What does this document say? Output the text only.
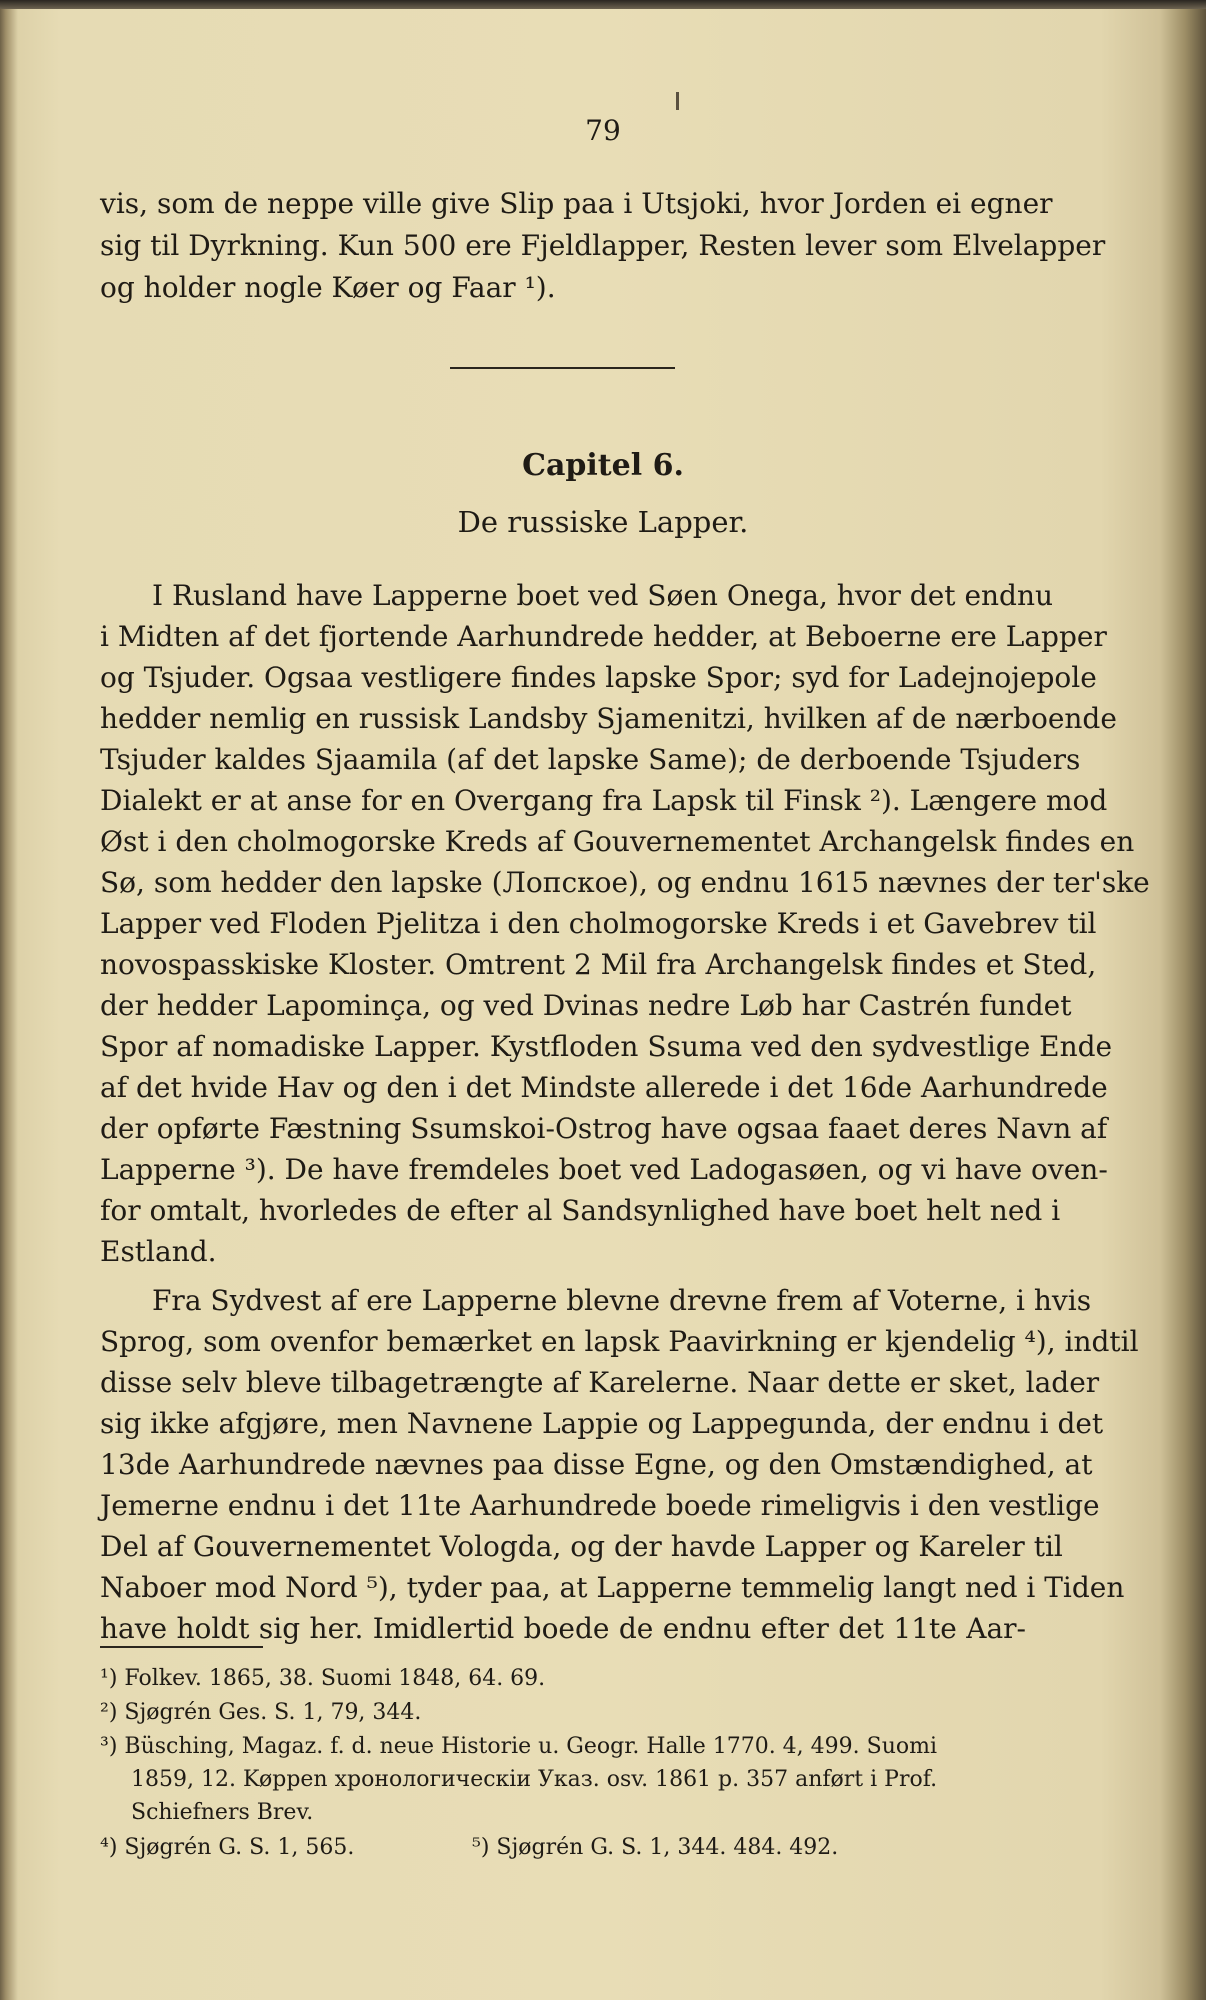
79
vis, som de neppe ville give Slip paa i Utsjoki, hvor Jorden ei egner
sig til Dyrkning. Kun 500 ere Fjeldlapper, Resten lever som Elvelapper
og holder nogle Køer og Faar ¹).
Capitel 6.
De russiske Lapper.
I Rusland have Lapperne boet ved Søen Onega, hvor det endnu
i Midten af det fjortende Aarhundrede hedder, at Beboerne ere Lapper
og Tsjuder. Ogsaa vestligere findes lapske Spor; syd for Ladejnojepole
hedder nemlig en russisk Landsby Sjamenitzi, hvilken af de nærboende
Tsjuder kaldes Sjaamila (af det lapske Same); de derboende Tsjuders
Dialekt er at anse for en Overgang fra Lapsk til Finsk ²). Længere mod
Øst i den cholmogorske Kreds af Gouvernementet Archangelsk findes en
Sø, som hedder den lapske (Лопское), og endnu 1615 nævnes der ter'ske
Lapper ved Floden Pjelitza i den cholmogorske Kreds i et Gavebrev til
novospasskiske Kloster. Omtrent 2 Mil fra Archangelsk findes et Sted,
der hedder Lapominça, og ved Dvinas nedre Løb har Castrén fundet
Spor af nomadiske Lapper. Kystfloden Ssuma ved den sydvestlige Ende
af det hvide Hav og den i det Mindste allerede i det 16de Aarhundrede
der opførte Fæstning Ssumskoi-Ostrog have ogsaa faaet deres Navn af
Lapperne ³). De have fremdeles boet ved Ladogasøen, og vi have oven-
for omtalt, hvorledes de efter al Sandsynlighed have boet helt ned i
Estland.
Fra Sydvest af ere Lapperne blevne drevne frem af Voterne, i hvis
Sprog, som ovenfor bemærket en lapsk Paavirkning er kjendelig ⁴), indtil
disse selv bleve tilbagetrængte af Karelerne. Naar dette er sket, lader
sig ikke afgjøre, men Navnene Lappie og Lappegunda, der endnu i det
13de Aarhundrede nævnes paa disse Egne, og den Omstændighed, at
Jemerne endnu i det 11te Aarhundrede boede rimeligvis i den vestlige
Del af Gouvernementet Vologda, og der havde Lapper og Kareler til
Naboer mod Nord ⁵), tyder paa, at Lapperne temmelig langt ned i Tiden
have holdt sig her. Imidlertid boede de endnu efter det 11te Aar-
¹) Folkev. 1865, 38. Suomi 1848, 64. 69.
²) Sjøgrén Ges. S. 1, 79, 344.
³) Büsching, Magaz. f. d. neue Historie u. Geogr. Halle 1770. 4, 499. Suomi
1859, 12. Køppen хронологическiи Указ. osv. 1861 p. 357 anført i Prof.
Schiefners Brev.
⁴) Sjøgrén G. S. 1, 565.	⁵) Sjøgrén G. S. 1, 344. 484. 492.
